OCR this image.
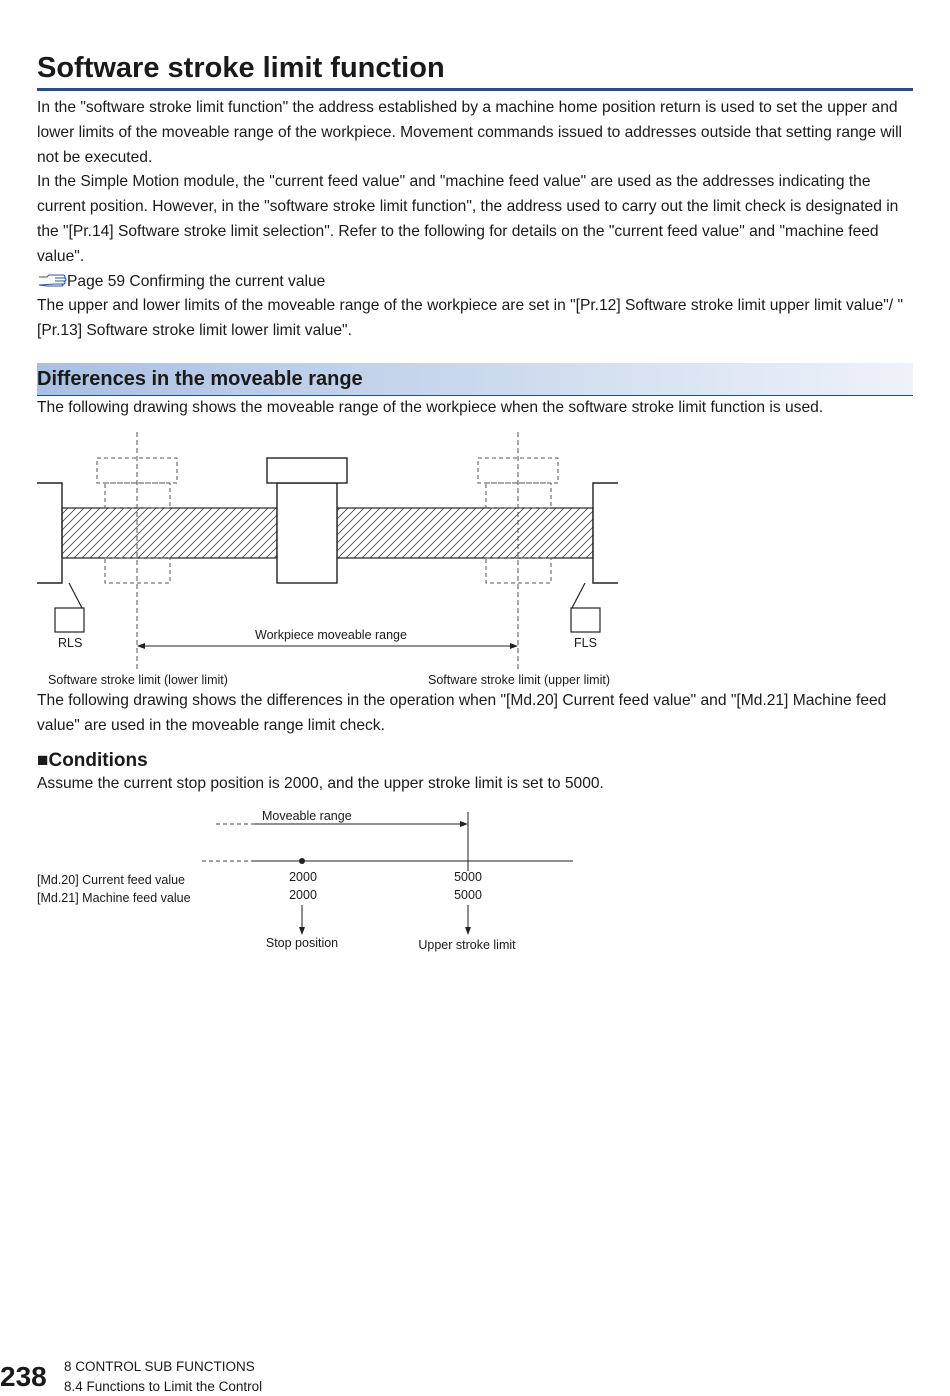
Software stroke limit function

In the "software stroke limit function" the address established by a machine home position return is used to set the upper and lower limits of the moveable range of the workpiece. Movement commands issued to addresses outside that setting range will not be executed.

In the Simple Motion module, the "current feed value" and "machine feed value" are used as the addresses indicating the current position. However, in the "software stroke limit function", the address used to carry out the limit check is designated in the "[Pr.14] Software stroke limit selection". Refer to the following for details on the "current feed value" and "machine feed value".

Page 59 Confirming the current value

The upper and lower limits of the moveable range of the workpiece are set in "[Pr.12] Software stroke limit upper limit value"/ "[Pr.13] Software stroke limit lower limit value".

Differences in the moveable range
The following drawing shows the moveable range of the workpiece when the software stroke limit function is used.
RLS	FLS
Workpiece moveable range
Software stroke limit (lower limit)	Software stroke limit (upper limit)
The following drawing shows the differences in the operation when "[Md.20] Current feed value" and "[Md.21] Machine feed value" are used in the moveable range limit check.
■Conditions
Assume the current stop position is 2000, and the upper stroke limit is set to 5000.
Moveable range
[Md.20] Current feed value
[Md.21] Machine feed value
2000
2000
5000
5000
Stop position	Upper stroke limit
238 8 CONTROL SUB FUNCTIONS
8.4 Functions to Limit the Control
